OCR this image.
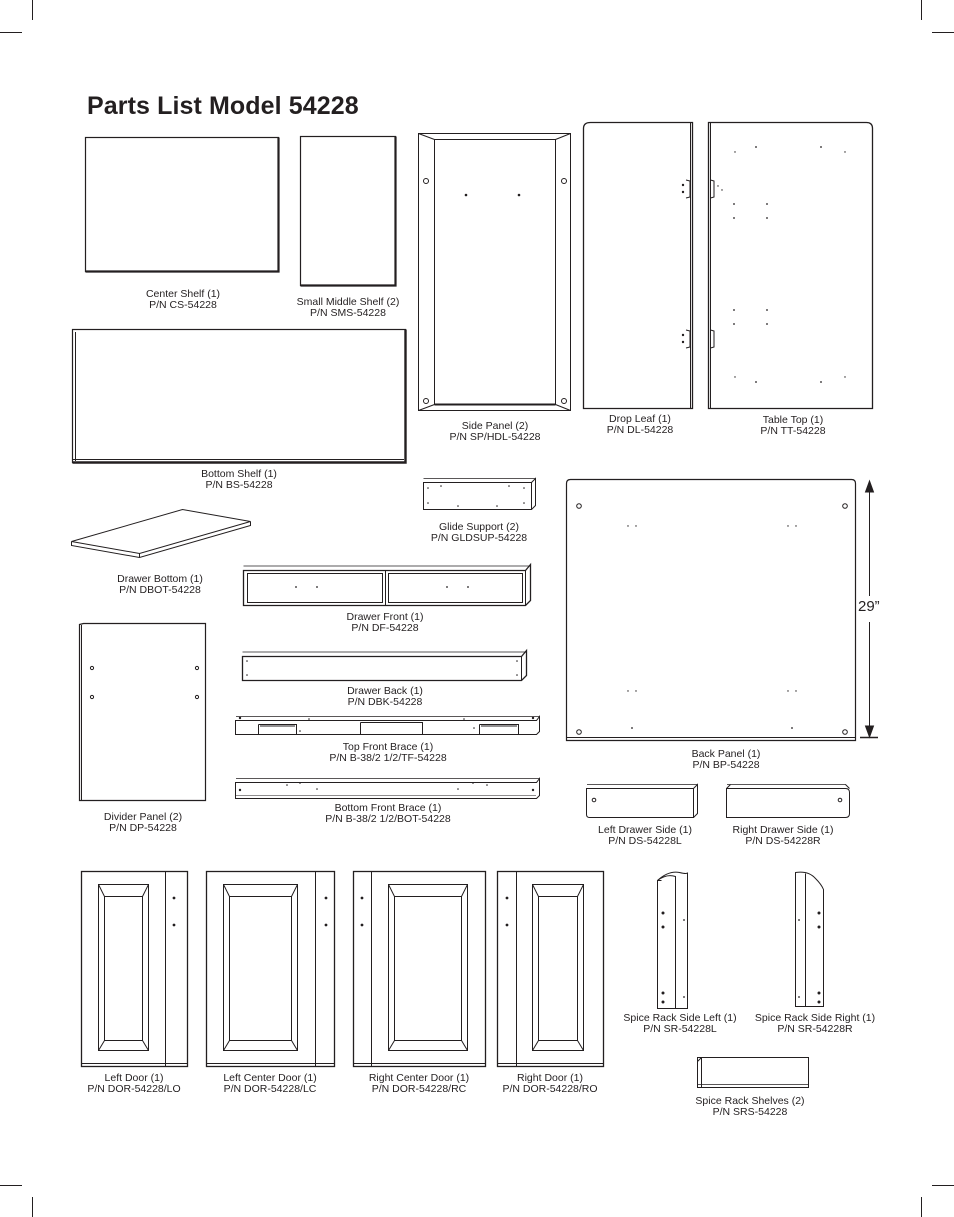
Parts List Model 54228
29”
Center Shelf (1)
P/N CS-54228	Small Middle Shelf (2)
P/N SMS-54228
Side Panel (2)
P/N SP/HDL-54228
Drop Leaf (1)
P/N DL-54228
Table Top (1)
P/N TT-54228
Bottom Shelf (1)
P/N BS-54228
Glide Support (2)
P/N GLDSUP-54228
Drawer Bottom (1)
P/N DBOT-54228
Drawer Front (1)
P/N DF-54228
Drawer Back (1)
P/N DBK-54228
Top Front Brace (1)
P/N B-38/2 1/2/TF-54228
Bottom Front Brace (1)
P/N B-38/2 1/2/BOT-54228
Divider Panel (2)
P/N DP-54228
Back Panel (1)
P/N BP-54228
Left Drawer Side (1)
P/N DS-54228L
Right Drawer Side (1)
P/N DS-54228R
Left Door (1)
P/N DOR-54228/LO
Left Center Door (1)
P/N DOR-54228/LC
Right Center Door (1)
P/N DOR-54228/RC
Right Door (1)
P/N DOR-54228/RO
Spice Rack Side Left (1)
P/N SR-54228L
Spice Rack Side Right (1)
P/N SR-54228R
Spice Rack Shelves (2)
P/N SRS-54228
